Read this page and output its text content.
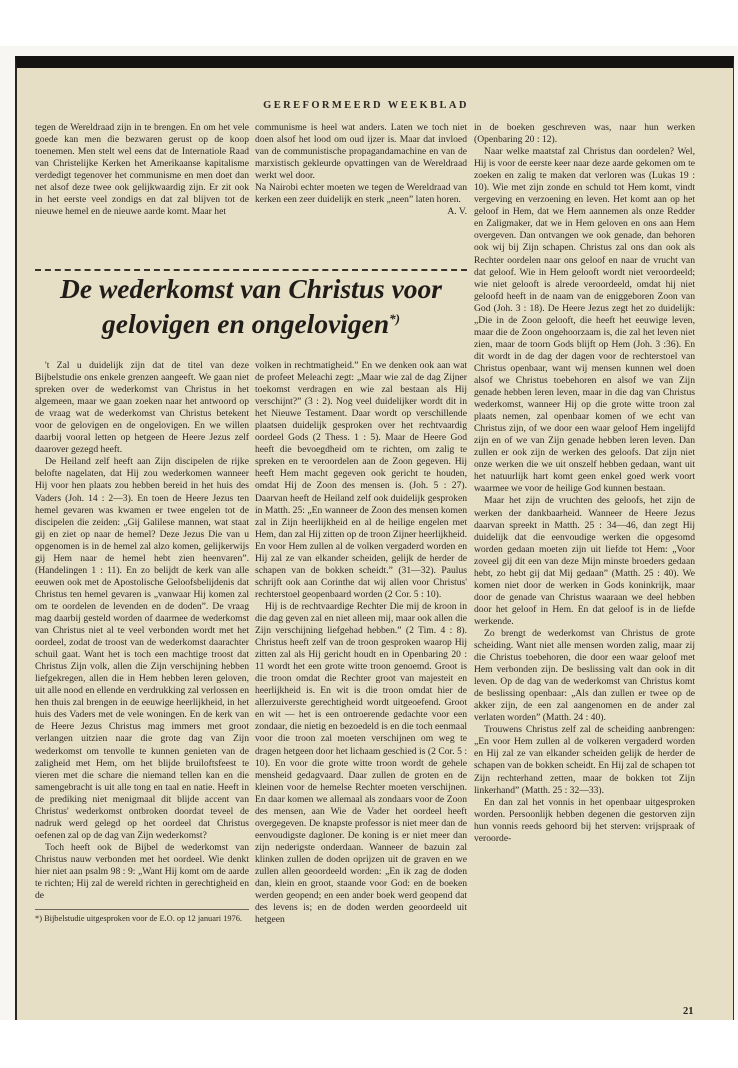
GEREFORMEERD WEEKBLAD

tegen de Wereldraad zijn in te brengen. En om het vele goede kan men die bezwaren gerust op de koop toenemen. Men stelt wel eens dat de Internatiole Raad van Christelijke Kerken het Amerikaanse kapitalisme verdedigt tegenover het communisme en men doet dan net alsof deze twee ook gelijkwaardig zijn. Er zit ook in het eerste veel zondigs en dat zal blijven tot de nieuwe hemel en de nieuwe aarde komt. Maar het

communisme is heel wat anders. Laten we toch niet doen alsof het lood om oud ijzer is. Maar dat invloed van de communistische propagandamachine en van de marxistisch gekleurde opvattingen van de Wereldraad werkt wel door.

Na Nairobi echter moeten we tegen de Wereldraad van kerken een zeer duidelijk en sterk „neen” laten horen.
A. V.

De wederkomst van Christus voor gelovigen en ongelovigen*)

in de boeken geschreven was, naar hun werken (Openbaring 20 : 12).

Naar welke maatstaf zal Christus dan oordelen? Wel, Hij is voor de eerste keer naar deze aarde gekomen om te zoeken en zalig te maken dat verloren was (Lukas 19 : 10). Wie met zijn zonde en schuld tot Hem komt, vindt vergeving en verzoening en leven. Het komt aan op het geloof in Hem, dat we Hem aannemen als onze Redder en Zaligmaker, dat we in Hem geloven en ons aan Hem overgeven. Dan ontvangen we ook genade, dan behoren ook wij bij Zijn schapen. Christus zal ons dan ook als Rechter oordelen naar ons geloof en naar de vrucht van dat geloof. Wie in Hem gelooft wordt niet veroordeeld; wie niet gelooft is alrede veroordeeld, omdat hij niet geloofd heeft in de naam van de eniggeboren Zoon van God (Joh. 3 : 18). De Heere Jezus zegt het zo duidelijk: „Die in de Zoon gelooft, die heeft het eeuwige leven, maar die de Zoon ongehoorzaam is, die zal het leven niet zien, maar de toorn Gods blijft op Hem (Joh. 3 :36). En dit wordt in de dag der dagen voor de rechterstoel van Christus openbaar, want wij mensen kunnen wel doen alsof we Christus toebehoren en alsof we van Zijn genade hebben leren leven, maar in die dag van Christus wederkomst, wanneer Hij op die grote witte troon zal plaats nemen, zal openbaar komen of we echt van Christus zijn, of we door een waar geloof Hem ingelijfd zijn en of we van Zijn genade hebben leren leven. Dan zullen er ook zijn de werken des geloofs. Dat zijn niet onze werken die we uit onszelf hebben gedaan, want uit het natuurlijk hart komt geen enkel goed werk voort waarmee we voor de heilige God kunnen bestaan.

Maar het zijn de vruchten des geloofs, het zijn de werken der dankbaarheid. Wanneer de Heere Jezus daarvan spreekt in Matth. 25 : 34—46, dan zegt Hij duidelijk dat die eenvoudige werken die opgesomd worden gedaan moeten zijn uit liefde tot Hem: „Voor zoveel gij dit een van deze Mijn minste broeders gedaan hebt, zo hebt gij dat Mij gedaan” (Matth. 25 : 40). We komen niet door de werken in Gods koninkrijk, maar door de genade van Christus waaraan we deel hebben door het geloof in Hem. En dat geloof is in de liefde werkende.

Zo brengt de wederkomst van Christus de grote scheiding. Want niet alle mensen worden zalig, maar zij die Christus toebehoren, die door een waar geloof met Hem verbonden zijn. De beslissing valt dan ook in dit leven. Op de dag van de wederkomst van Christus komt de beslissing openbaar: „Als dan zullen er twee op de akker zijn, de een zal aangenomen en de ander zal verlaten worden” (Matth. 24 : 40).

Trouwens Christus zelf zal de scheiding aanbrengen: „En voor Hem zullen al de volkeren vergaderd worden en Hij zal ze van elkander scheiden gelijk de herder de schapen van de bokken scheidt. En Hij zal de schapen tot Zijn rechterhand zetten, maar de bokken tot Zijn linkerhand” (Matth. 25 : 32—33).

En dan zal het vonnis in het openbaar uitgesproken worden. Persoonlijk hebben degenen die gestorven zijn hun vonnis reeds gehoord bij het sterven: vrijspraak of veroorde-

't Zal u duidelijk zijn dat de titel van deze Bijbelstudie ons enkele grenzen aangeeft. We gaan niet spreken over de wederkomst van Christus in het algemeen, maar we gaan zoeken naar het antwoord op de vraag wat de wederkomst van Christus betekent voor de gelovigen en de ongelovigen. En we willen daarbij vooral letten op hetgeen de Heere Jezus zelf daarover gezegd heeft.

De Heiland zelf heeft aan Zijn discipelen de rijke belofte nagelaten, dat Hij zou wederkomen wanneer Hij voor hen plaats zou hebben bereid in het huis des Vaders (Joh. 14 : 2—3). En toen de Heere Jezus ten hemel gevaren was kwamen er twee engelen tot de discipelen die zeiden: „Gij Galilese mannen, wat staat gij en ziet op naar de hemel? Deze Jezus Die van u opgenomen is in de hemel zal alzo komen, gelijkerwijs gij Hem naar de hemel hebt zien heenvaren”. (Handelingen 1 : 11). En zo belijdt de kerk van alle eeuwen ook met de Apostolische Geloofsbelijdenis dat Christus ten hemel gevaren is „vanwaar Hij komen zal om te oordelen de levenden en de doden”. De vraag mag daarbij gesteld worden of daarmee de wederkomst van Christus niet al te veel verbonden wordt met het oordeel, zodat de troost van de wederkomst daarachter schuil gaat. Want het is toch een machtige troost dat Christus Zijn volk, allen die Zijn verschijning hebben liefgekregen, allen die in Hem hebben leren geloven, uit alle nood en ellende en verdrukking zal verlossen en hen thuis zal brengen in de eeuwige heerlijkheid, in het huis des Vaders met de vele woningen. En de kerk van de Heere Jezus Christus mag immers met groot verlangen uitzien naar die grote dag van Zijn wederkomst om tenvolle te kunnen genieten van de zaligheid met Hem, om het blijde bruiloftsfeest te vieren met die schare die niemand tellen kan en die samengebracht is uit alle tong en taal en natie. Heeft in de prediking niet menigmaal dit blijde accent van Christus' wederkomst ontbroken doordat teveel de nadruk werd gelegd op het oordeel dat Christus oefenen zal op de dag van Zijn wederkomst?

Toch heeft ook de Bijbel de wederkomst van Christus nauw verbonden met het oordeel. Wie denkt hier niet aan psalm 98 : 9: „Want Hij komt om de aarde te richten; Hij zal de wereld richten in gerechtigheid en de

*) Bijbelstudie uitgesproken voor de E.O. op 12 januari 1976.

volken in rechtmatigheid.” En we denken ook aan wat de profeet Meleachi zegt: „Maar wie zal de dag Zijner toekomst verdragen en wie zal bestaan als Hij verschijnt?” (3 : 2). Nog veel duidelijker wordt dit in het Nieuwe Testament. Daar wordt op verschillende plaatsen duidelijk gesproken over het rechtvaardig oordeel Gods (2 Thess. 1 : 5). Maar de Heere God heeft die bevoegdheid om te richten, om zalig te spreken en te veroordelen aan de Zoon gegeven. Hij heeft Hem macht gegeven ook gericht te houden, omdat Hij de Zoon des mensen is. (Joh. 5 : 27). Daarvan heeft de Heiland zelf ook duidelijk gesproken in Matth. 25: „En wanneer de Zoon des mensen komen zal in Zijn heerlijkheid en al de heilige engelen met Hem, dan zal Hij zitten op de troon Zijner heerlijkheid. En voor Hem zullen al de volken vergaderd worden en Hij zal ze van elkander scheiden, gelijk de herder de schapen van de bokken scheidt.” (31—32). Paulus schrijft ook aan Corinthe dat wij allen voor Christus' rechterstoel geopenbaard worden (2 Cor. 5 : 10).

Hij is de rechtvaardige Rechter Die mij de kroon in die dag geven zal en niet alleen mij, maar ook allen die Zijn verschijning liefgehad hebben.” (2 Tim. 4 : 8). Christus heeft zelf van de troon gesproken waarop Hij zitten zal als Hij gericht houdt en in Openbaring 20 : 11 wordt het een grote witte troon genoemd. Groot is die troon omdat die Rechter groot van majesteit en heerlijkheid is. En wit is die troon omdat hier de allerzuiverste gerechtigheid wordt uitgeoefend. Groot en wit — het is een ontroerende gedachte voor een zondaar, die nietig en bezoedeld is en die toch eenmaal voor die troon zal moeten verschijnen om weg te dragen hetgeen door het lichaam geschied is (2 Cor. 5 : 10). En voor die grote witte troon wordt de gehele mensheid gedagvaard. Daar zullen de groten en de kleinen voor de hemelse Rechter moeten verschijnen. En daar komen we allemaal als zondaars voor de Zoon des mensen, aan Wie de Vader het oordeel heeft overgegeven. De knapste professor is niet meer dan de eenvoudigste dagloner. De koning is er niet meer dan zijn nederigste onderdaan. Wanneer de bazuin zal klinken zullen de doden oprijzen uit de graven en we zullen allen geoordeeld worden: „En ik zag de doden dan, klein en groot, staande voor God: en de boeken werden geopend; en een ander boek werd geopend dat des levens is; en de doden werden geoordeeld uit hetgeen

21
